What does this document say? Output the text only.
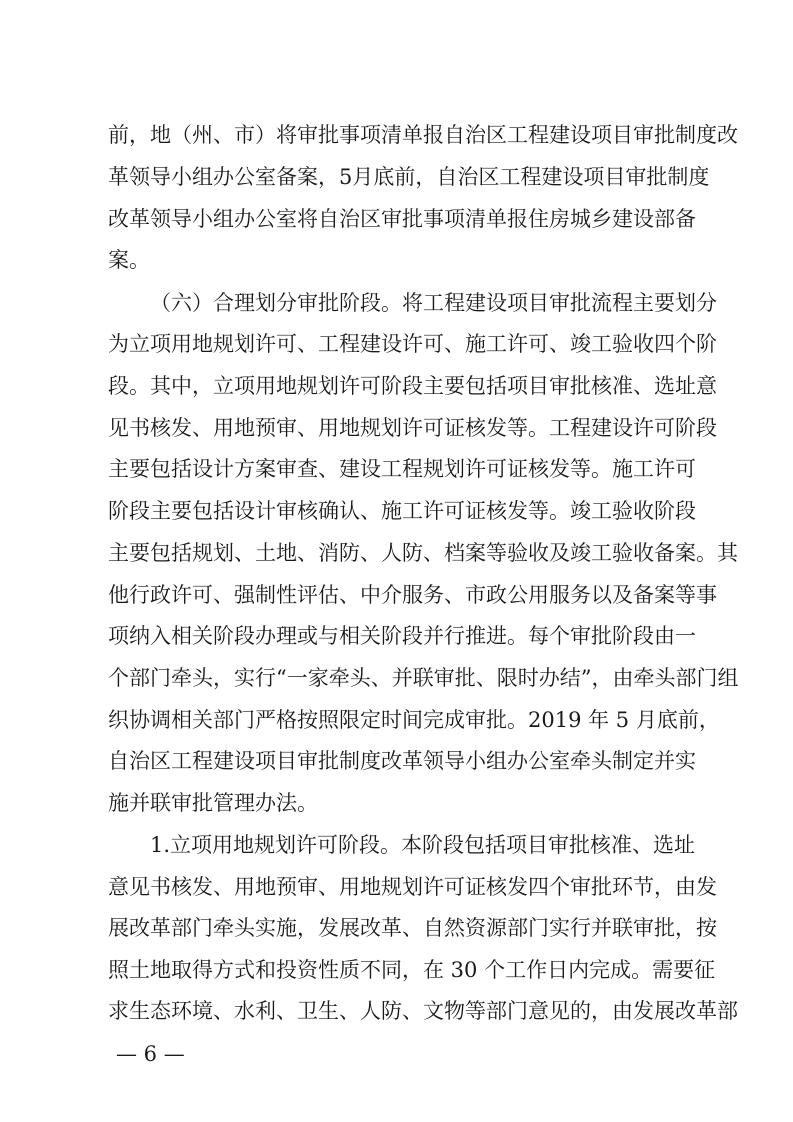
前，地（州、市）将审批事项清单报自治区工程建设项目审批制度改
革领导小组办公室备案，5月底前，自治区工程建设项目审批制度
改革领导小组办公室将自治区审批事项清单报住房城乡建设部备
案。
（六）合理划分审批阶段。将工程建设项目审批流程主要划分
为立项用地规划许可、工程建设许可、施工许可、竣工验收四个阶
段。其中，立项用地规划许可阶段主要包括项目审批核准、选址意
见书核发、用地预审、用地规划许可证核发等。工程建设许可阶段
主要包括设计方案审查、建设工程规划许可证核发等。施工许可
阶段主要包括设计审核确认、施工许可证核发等。竣工验收阶段
主要包括规划、土地、消防、人防、档案等验收及竣工验收备案。其
他行政许可、强制性评估、中介服务、市政公用服务以及备案等事
项纳入相关阶段办理或与相关阶段并行推进。每个审批阶段由一
个部门牵头，实行“一家牵头、并联审批、限时办结”，由牵头部门组
织协调相关部门严格按照限定时间完成审批。2019 年 5 月底前，
自治区工程建设项目审批制度改革领导小组办公室牵头制定并实
施并联审批管理办法。
1.立项用地规划许可阶段。本阶段包括项目审批核准、选址
意见书核发、用地预审、用地规划许可证核发四个审批环节，由发
展改革部门牵头实施，发展改革、自然资源部门实行并联审批，按
照土地取得方式和投资性质不同，在 30 个工作日内完成。需要征
求生态环境、水利、卫生、人防、文物等部门意见的，由发展改革部
— 6 —
